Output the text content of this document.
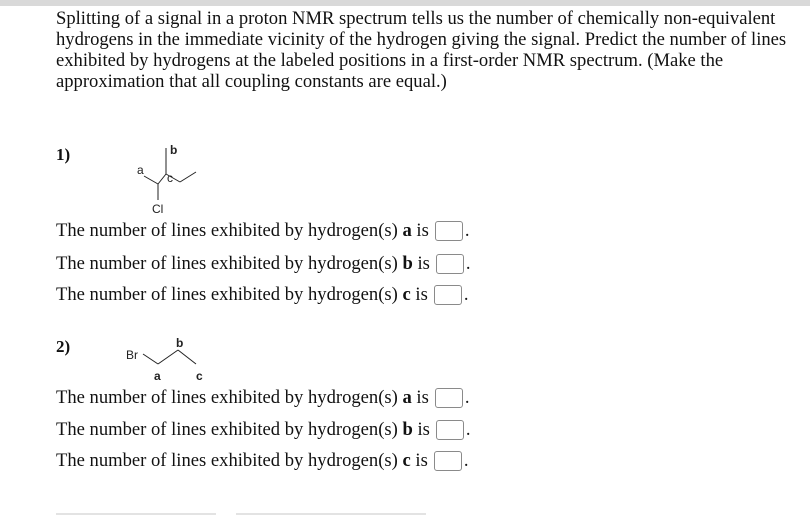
Splitting of a signal in a proton NMR spectrum tells us the number of chemically non-equivalent hydrogens in the immediate vicinity of the hydrogen giving the signal. Predict the number of lines exhibited by hydrogens at the labeled positions in a first-order NMR spectrum. (Make the approximation that all coupling constants are equal.)

1)
a
b
c
Cl
The number of lines exhibited by hydrogen(s) a is .
The number of lines exhibited by hydrogen(s) b is .
The number of lines exhibited by hydrogen(s) c is .
2)	Br
a
b
c
The number of lines exhibited by hydrogen(s) a is .
The number of lines exhibited by hydrogen(s) b is .
The number of lines exhibited by hydrogen(s) c is .
